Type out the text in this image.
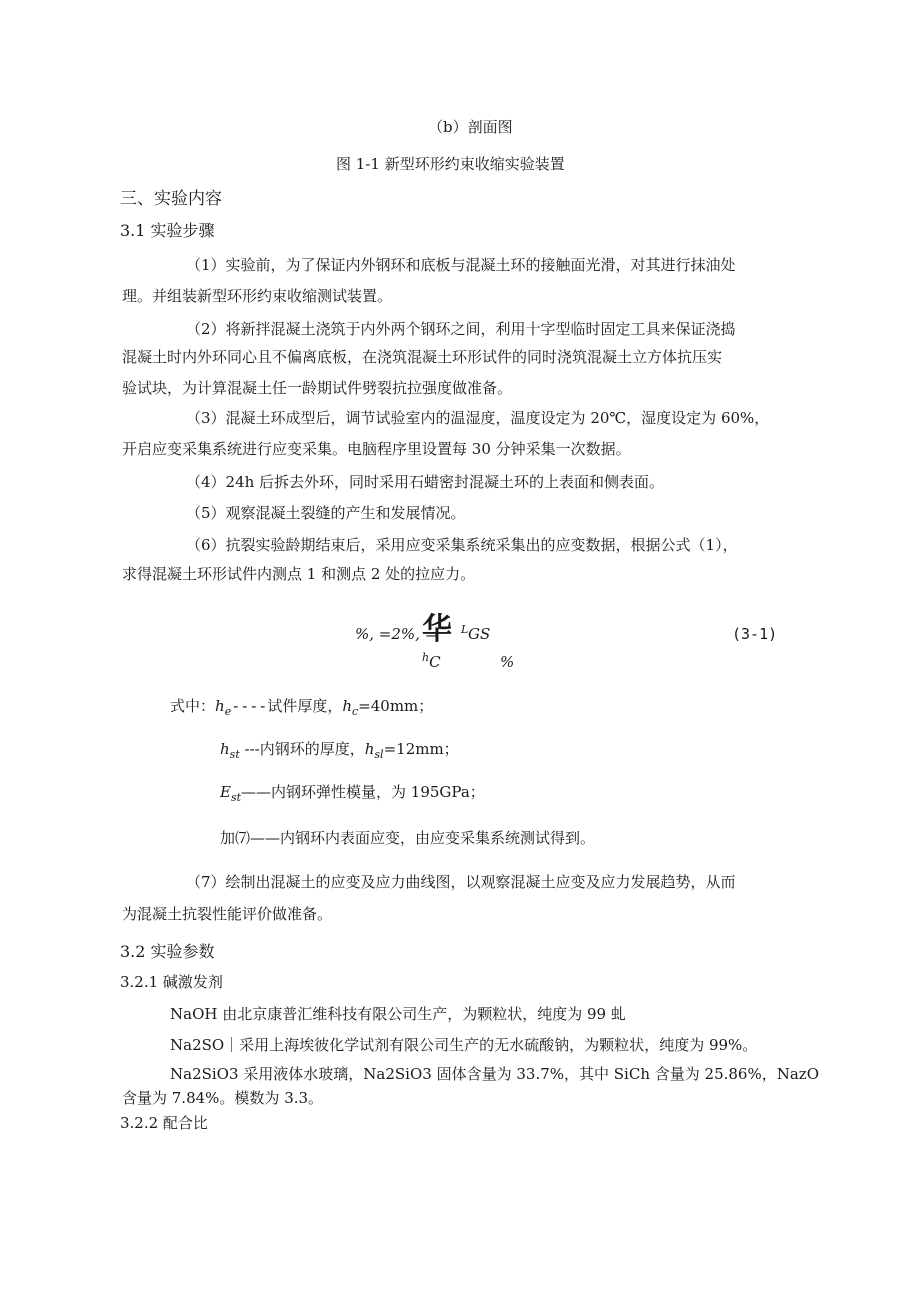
（b）剖面图
图 1-1 新型环形约束收缩实验装置
三、实验内容
3.1 实验步骤
（1）实验前，为了保证内外钢环和底板与混凝土环的接触面光滑，对其进行抹油处
理。并组装新型环形约束收缩测试装置。
（2）将新拌混凝土浇筑于内外两个钢环之间，利用十字型临时固定工具来保证浇捣
混凝土时内外环同心且不偏离底板，在浇筑混凝土环形试件的同时浇筑混凝土立方体抗压实
验试块，为计算混凝土任一龄期试件劈裂抗拉强度做准备。
（3）混凝土环成型后，调节试验室内的温湿度，温度设定为 20℃，湿度设定为 60%，
开启应变采集系统进行应变采集。电脑程序里设置每 30 分钟采集一次数据。
（4）24h 后拆去外环，同时采用石蜡密封混凝土环的上表面和侧表面。
（5）观察混凝土裂缝的产生和发展情况。
（6）抗裂实验龄期结束后，采用应变采集系统采集出的应变数据，根据公式（1），
求得混凝土环形试件内测点 1 和测点 2 处的拉应力。
%, =2%, =
华 L GS
$^h$C	%
(3-1)
式中：$h_e----$试件厚度，$h_c=40mm$；
$h_{st}$ ---内钢环的厚度，$h_{sl}=12mm$；
$E_{st}——$内钢环弹性模量，为 195GPa；
加⑺——内钢环内表面应变，由应变采集系统测试得到。
（7）绘制出混凝土的应变及应力曲线图，以观察混凝土应变及应力发展趋势，从而
为混凝土抗裂性能评价做准备。
3.2 实验参数
3.2.1 碱激发剂
NaOH 由北京康普汇维科技有限公司生产，为颗粒状，纯度为 99 虬
Na2SO｜采用上海埃彼化学试剂有限公司生产的无水硫酸钠，为颗粒状，纯度为 99%。
Na2SiO3 采用液体水玻璃，Na2SiO3 固体含量为 33.7%，其中 SiCh 含量为 25.86%，NazO
含量为 7.84%。模数为 3.3。
3.2.2 配合比
